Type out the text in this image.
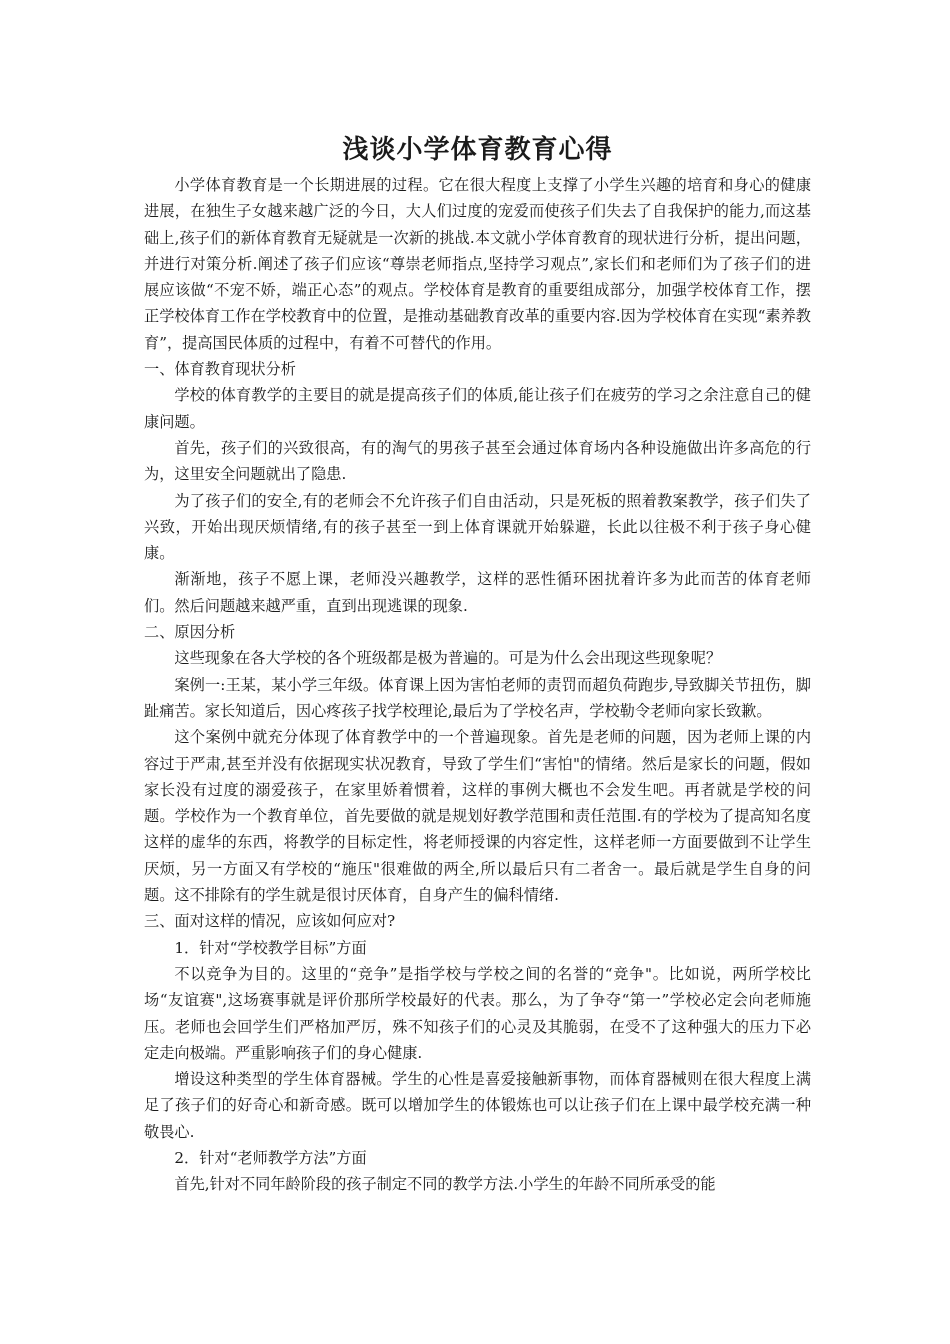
浅谈小学体育教育心得

小学体育教育是一个长期进展的过程。它在很大程度上支撑了小学生兴趣的培育和身心的健康进展，在独生子女越来越广泛的今日，大人们过度的宠爱而使孩子们失去了自我保护的能力,而这基础上,孩子们的新体育教育无疑就是一次新的挑战.本文就小学体育教育的现状进行分析，提出问题，并进行对策分析.阐述了孩子们应该“尊崇老师指点,坚持学习观点”,家长们和老师们为了孩子们的进展应该做“不宠不娇，端正心态”的观点。学校体育是教育的重要组成部分，加强学校体育工作，摆正学校体育工作在学校教育中的位置，是推动基础教育改革的重要内容.因为学校体育在实现“素养教育”，提高国民体质的过程中，有着不可替代的作用。

一、体育教育现状分析

学校的体育教学的主要目的就是提高孩子们的体质,能让孩子们在疲劳的学习之余注意自己的健康问题。

首先，孩子们的兴致很高，有的淘气的男孩子甚至会通过体育场内各种设施做出许多高危的行为，这里安全问题就出了隐患.

为了孩子们的安全,有的老师会不允许孩子们自由活动，只是死板的照着教案教学，孩子们失了兴致，开始出现厌烦情绪,有的孩子甚至一到上体育课就开始躲避，长此以往极不利于孩子身心健康。

渐渐地，孩子不愿上课，老师没兴趣教学，这样的恶性循环困扰着许多为此而苦的体育老师们。然后问题越来越严重，直到出现逃课的现象.

二、原因分析

这些现象在各大学校的各个班级都是极为普遍的。可是为什么会出现这些现象呢？

案例一:王某，某小学三年级。体育课上因为害怕老师的责罚而超负荷跑步,导致脚关节扭伤，脚趾痛苦。家长知道后，因心疼孩子找学校理论,最后为了学校名声，学校勒令老师向家长致歉。

这个案例中就充分体现了体育教学中的一个普遍现象。首先是老师的问题，因为老师上课的内容过于严肃,甚至并没有依据现实状况教育，导致了学生们“害怕"的情绪。然后是家长的问题，假如家长没有过度的溺爱孩子，在家里娇着惯着，这样的事例大概也不会发生吧。再者就是学校的问题。学校作为一个教育单位，首先要做的就是规划好教学范围和责任范围.有的学校为了提高知名度这样的虚华的东西，将教学的目标定性，将老师授课的内容定性，这样老师一方面要做到不让学生厌烦，另一方面又有学校的“施压"很难做的两全,所以最后只有二者舍一。最后就是学生自身的问题。这不排除有的学生就是很讨厌体育，自身产生的偏科情绪.

三、面对这样的情况，应该如何应对?

1．针对“学校教学目标”方面

不以竞争为目的。这里的“竞争”是指学校与学校之间的名誉的“竞争"。比如说，两所学校比场“友谊赛",这场赛事就是评价那所学校最好的代表。那么，为了争夺“第一”学校必定会向老师施压。老师也会回学生们严格加严厉，殊不知孩子们的心灵及其脆弱，在受不了这种强大的压力下必定走向极端。严重影响孩子们的身心健康.

增设这种类型的学生体育器械。学生的心性是喜爱接触新事物，而体育器械则在很大程度上满足了孩子们的好奇心和新奇感。既可以增加学生的体锻炼也可以让孩子们在上课中最学校充满一种敬畏心.

2．针对“老师教学方法”方面

首先,针对不同年龄阶段的孩子制定不同的教学方法.小学生的年龄不同所承受的能
